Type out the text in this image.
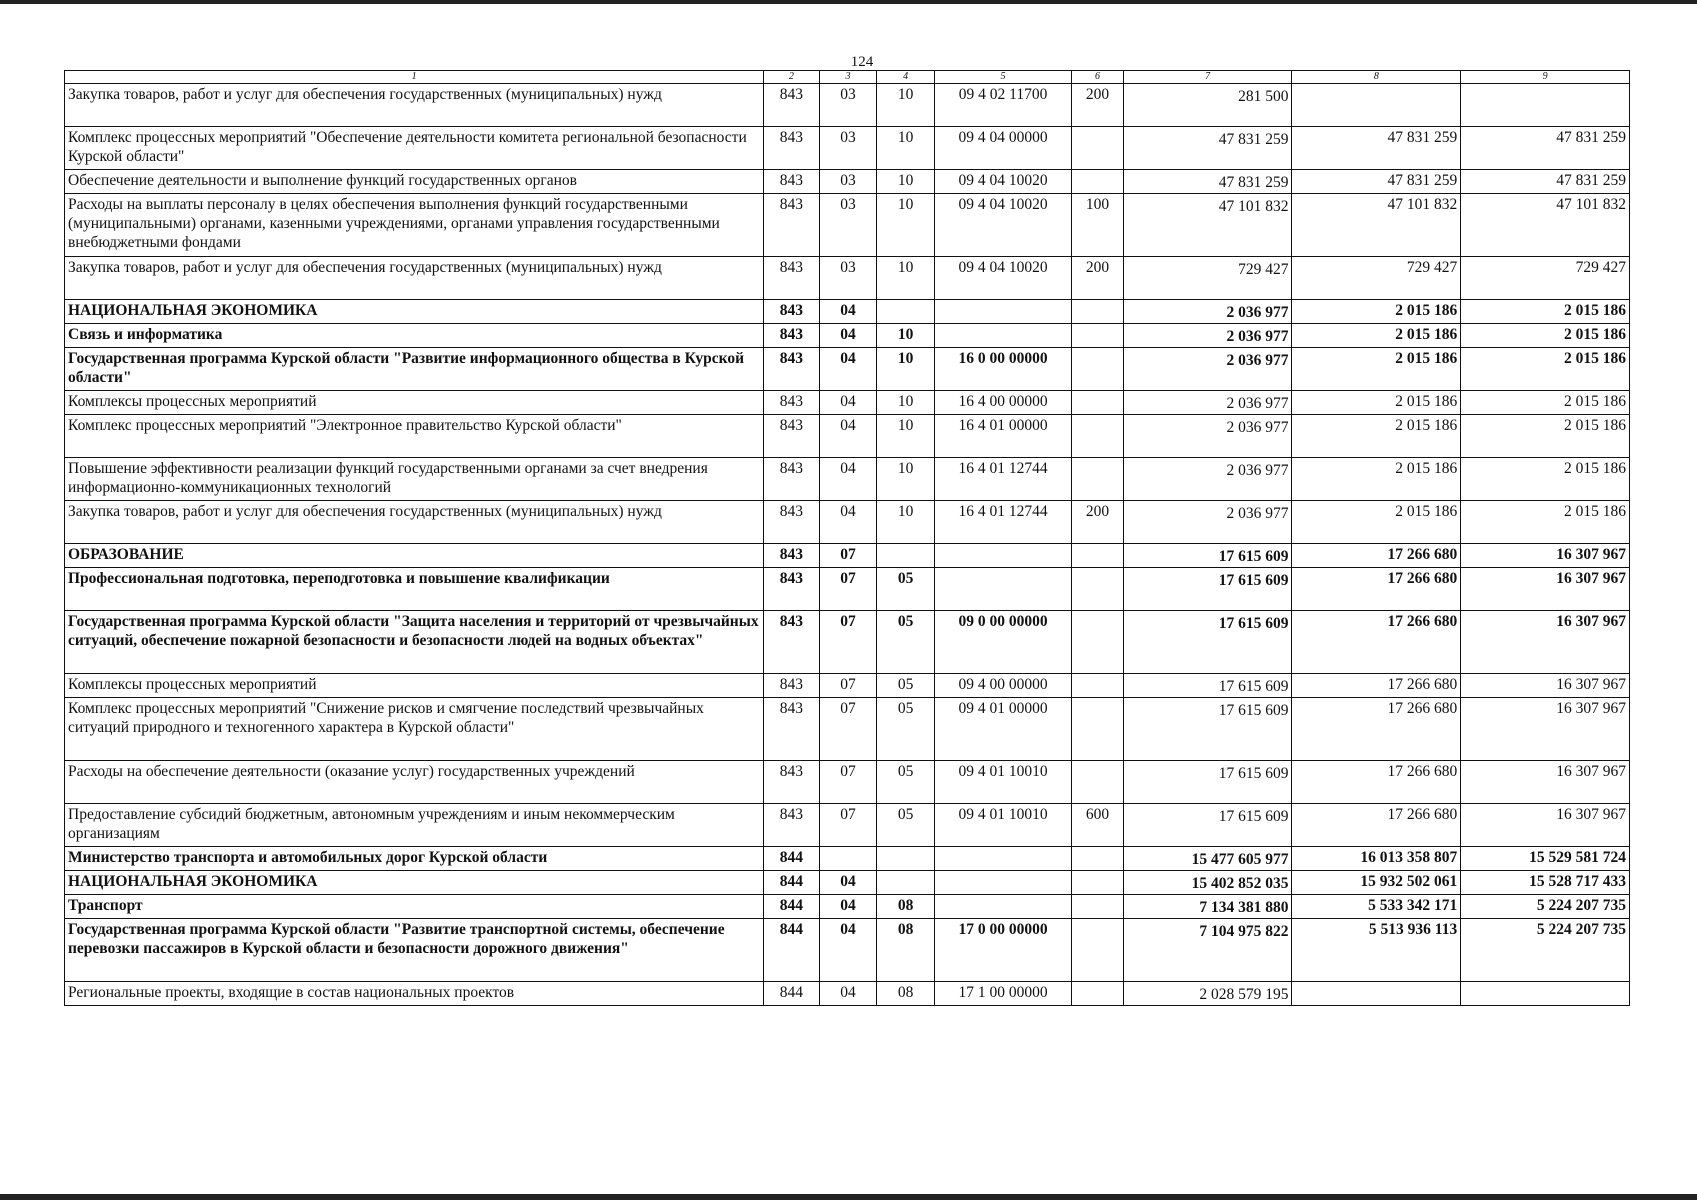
124
1	2	3	4	5	6	7	8	9
Закупка товаров, работ и услуг для обеспечения государственных (муниципальных) нужд	843	03	10	09 4 02 11700	200	281 500		
Комплекс процессных мероприятий "Обеспечение деятельности комитета региональной безопасности Курской области"	843	03	10	09 4 04 00000		47 831 259	47 831 259	47 831 259
Обеспечение деятельности и выполнение функций государственных органов	843	03	10	09 4 04 10020		47 831 259	47 831 259	47 831 259
Расходы на выплаты персоналу в целях обеспечения выполнения функций государственными (муниципальными) органами, казенными учреждениями, органами управления государственными внебюджетными фондами	843	03	10	09 4 04 10020	100	47 101 832	47 101 832	47 101 832
Закупка товаров, работ и услуг для обеспечения государственных (муниципальных) нужд	843	03	10	09 4 04 10020	200	729 427	729 427	729 427
НАЦИОНАЛЬНАЯ ЭКОНОМИКА	843	04				2 036 977	2 015 186	2 015 186
Связь и информатика	843	04	10			2 036 977	2 015 186	2 015 186
Государственная программа Курской области "Развитие информационного общества в Курской области"	843	04	10	16 0 00 00000		2 036 977	2 015 186	2 015 186
Комплексы процессных мероприятий	843	04	10	16 4 00 00000		2 036 977	2 015 186	2 015 186
Комплекс процессных мероприятий "Электронное правительство Курской области"	843	04	10	16 4 01 00000		2 036 977	2 015 186	2 015 186
Повышение эффективности реализации функций государственными органами за счет внедрения информационно-коммуникационных технологий	843	04	10	16 4 01 12744		2 036 977	2 015 186	2 015 186
Закупка товаров, работ и услуг для обеспечения государственных (муниципальных) нужд	843	04	10	16 4 01 12744	200	2 036 977	2 015 186	2 015 186
ОБРАЗОВАНИЕ	843	07				17 615 609	17 266 680	16 307 967
Профессиональная подготовка, переподготовка и повышение квалификации	843	07	05			17 615 609	17 266 680	16 307 967
Государственная программа Курской области "Защита населения и территорий от чрезвычайных ситуаций, обеспечение пожарной безопасности и безопасности людей на водных объектах"	843	07	05	09 0 00 00000		17 615 609	17 266 680	16 307 967
Комплексы процессных мероприятий	843	07	05	09 4 00 00000		17 615 609	17 266 680	16 307 967
Комплекс процессных мероприятий "Снижение рисков и смягчение последствий чрезвычайных ситуаций природного и техногенного характера в Курской области"	843	07	05	09 4 01 00000		17 615 609	17 266 680	16 307 967
Расходы на обеспечение деятельности (оказание услуг) государственных учреждений	843	07	05	09 4 01 10010		17 615 609	17 266 680	16 307 967
Предоставление субсидий бюджетным, автономным учреждениям и иным некоммерческим организациям	843	07	05	09 4 01 10010	600	17 615 609	17 266 680	16 307 967
Министерство транспорта и автомобильных дорог Курской области	844					15 477 605 977	16 013 358 807	15 529 581 724
НАЦИОНАЛЬНАЯ ЭКОНОМИКА	844	04				15 402 852 035	15 932 502 061	15 528 717 433
Транспорт	844	04	08			7 134 381 880	5 533 342 171	5 224 207 735
Государственная программа Курской области "Развитие транспортной системы, обеспечение перевозки пассажиров в Курской области и безопасности дорожного движения"	844	04	08	17 0 00 00000		7 104 975 822	5 513 936 113	5 224 207 735
Региональные проекты, входящие в состав национальных проектов	844	04	08	17 1 00 00000		2 028 579 195		
